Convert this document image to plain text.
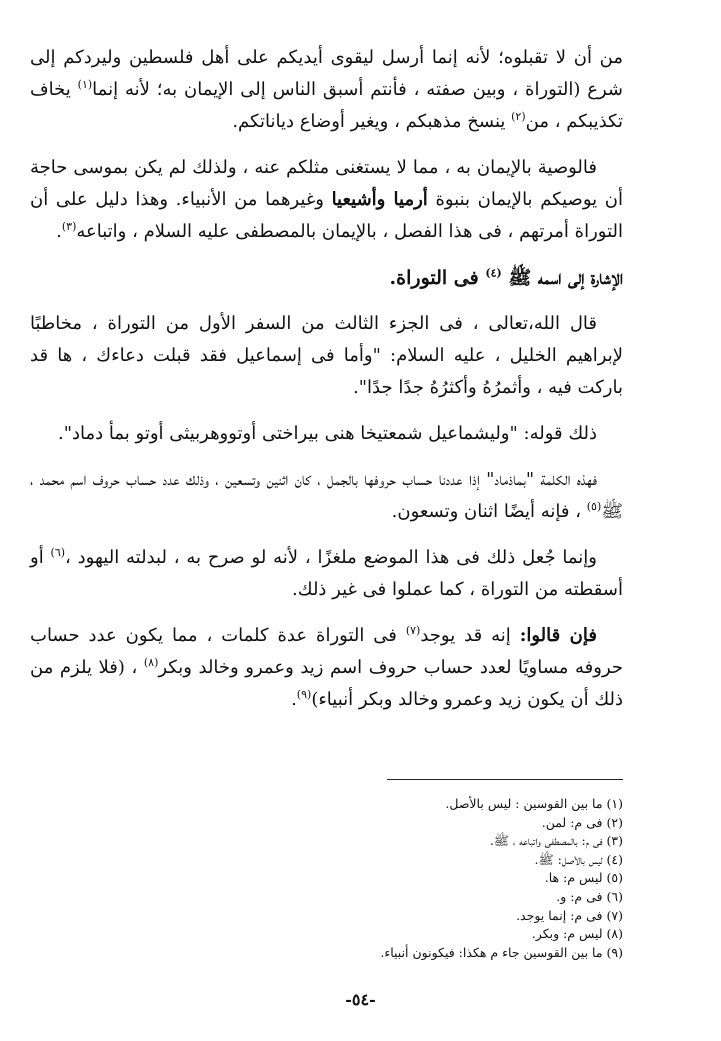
من أن لا تقبلوه؛ لأنه إنما أرسل ليقوى أيديكم على أهل فلسطين وليردكم إلى شرع (التوراة ، وبين صفته ، فأنتم أسبق الناس إلى الإيمان به؛ لأنه إنما$^{(١)}$ يخاف تكذيبكم ، من$^{(٢)}$ ينسخ مذهبكم ، ويغير أوضاع دياناتكم.

فالوصية بالإيمان به ، مما لا يستغنى مثلكم عنه ، ولذلك لم يكن بموسى حاجة أن يوصيكم بالإيمان بنبوة أرميا وأشيعيا وغيرهما من الأنبياء. وهذا دليل على أن التوراة أمرتهم ، فى هذا الفصل ، بالإيمان بالمصطفى عليه السلام ، واتباعه$^{(٣)}$.

الإشارة إلى اسمه ﷺ $^{(٤)}$ فى التوراة.

قال الله،تعالى ، فى الجزء الثالث من السفر الأول من التوراة ، مخاطبًا لإبراهيم الخليل ، عليه السلام: "وأما فى إسماعيل فقد قبلت دعاءك ، ها قد باركت فيه ، وأثمرُهُ وأكثرُهُ جدًا جدًا".

ذلك قوله: "وليشماعيل شمعتيخا هنى بيراختى أوتووهربيثى أوتو بمأ دماد".

فهذه الكلمة "بماذماد" إذا عددنا حساب حروفها بالجمل ، كان اثنين وتسعين ، وذلك عدد حساب حروف اسم محمد ، ﷺ$^{(٥)}$ ، فإنه أيضًا اثنان وتسعون.

وإنما جُعل ذلك فى هذا الموضع ملغزًا ، لأنه لو صرح به ، لبدلته اليهود ،$^{(٦)}$ أو أسقطته من التوراة ، كما عملوا فى غير ذلك.

فإن قالوا: إنه قد يوجد$^{(٧)}$ فى التوراة عدة كلمات ، مما يكون عدد حساب حروفه مساويًا لعدد حساب حروف اسم زيد وعمرو وخالد وبكر$^{(٨)}$ ، (فلا يلزم من ذلك أن يكون زيد وعمرو وخالد وبكر أنبياء)$^{(٩)}$.

(١) ما بين القوسين : ليس بالأصل.
(٢) فى م: لمن.
(٣) فى م: بالمصطفى واتباعه ، ﷺ.
(٤) ليس بالأصل: ﷺ.
(٥) ليس م: ها.
(٦) فى م: و.
(٧) فى م: إنما يوجد.
(٨) ليس م: وبكر.
(٩) ما بين القوسين جاء م هكذا: فيكونون أنبياء.
-٥٤-
